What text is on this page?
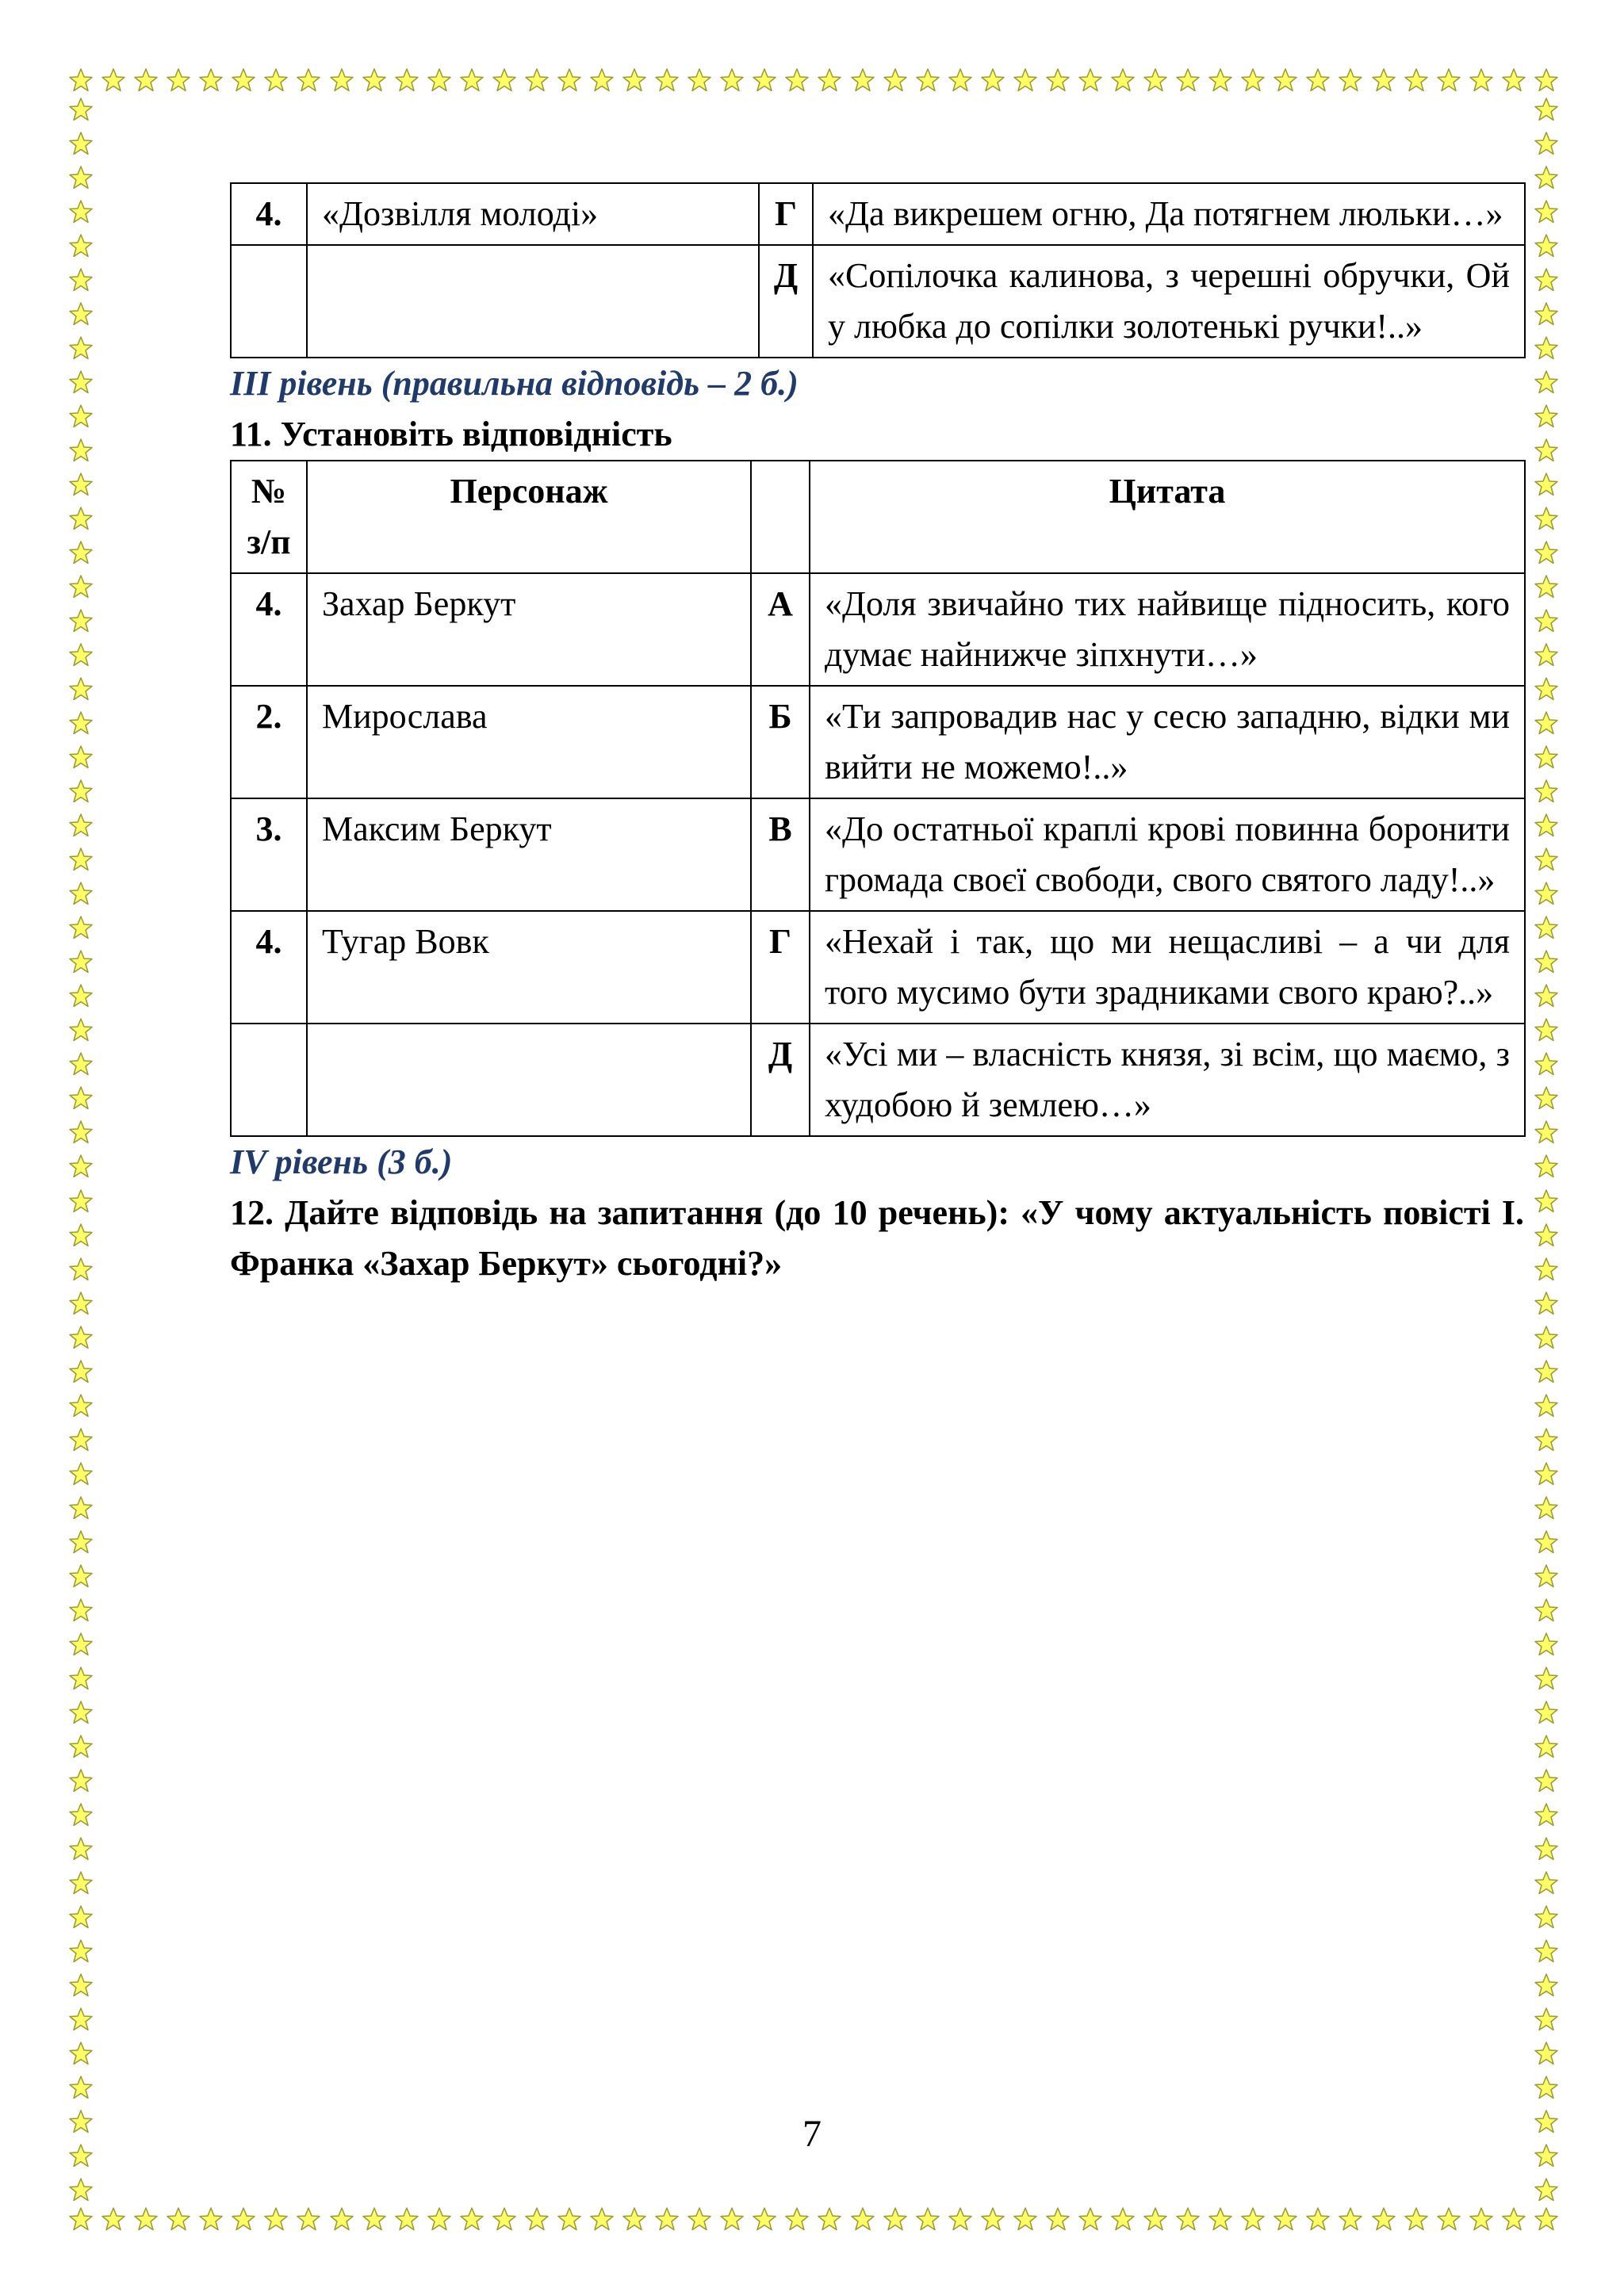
4.	«Дозвілля молоді»	Г	«Да викрешем огню, Да потягнем люльки…»
		Д	«Сопілочка калинова, з черешні обручки, Ой у любка до сопілки золотенькі ручки!..»

ІІІ рівень (правильна відповідь – 2 б.)

11. Установіть відповідність

№ з/п	Персонаж		Цитата
4.	Захар Беркут	А	«Доля звичайно тих найвище підносить, кого думає найнижче зіпхнути…»
2.	Мирослава	Б	«Ти запровадив нас у сесю западню, відки ми вийти не можемо!..»
3.	Максим Беркут	В	«До остатньої краплі крові повинна боронити громада своєї свободи, свого святого ладу!..»
4.	Тугар Вовк	Г	«Нехай і так, що ми нещасливі – а чи для того мусимо бути зрадниками свого краю?..»
		Д	«Усі ми – власність князя, зі всім, що маємо, з худобою й землею…»

IV рівень (3 б.)

12. Дайте відповідь на запитання (до 10 речень): «У чому актуальність повісті І. Франка «Захар Беркут» сьогодні?»

7
